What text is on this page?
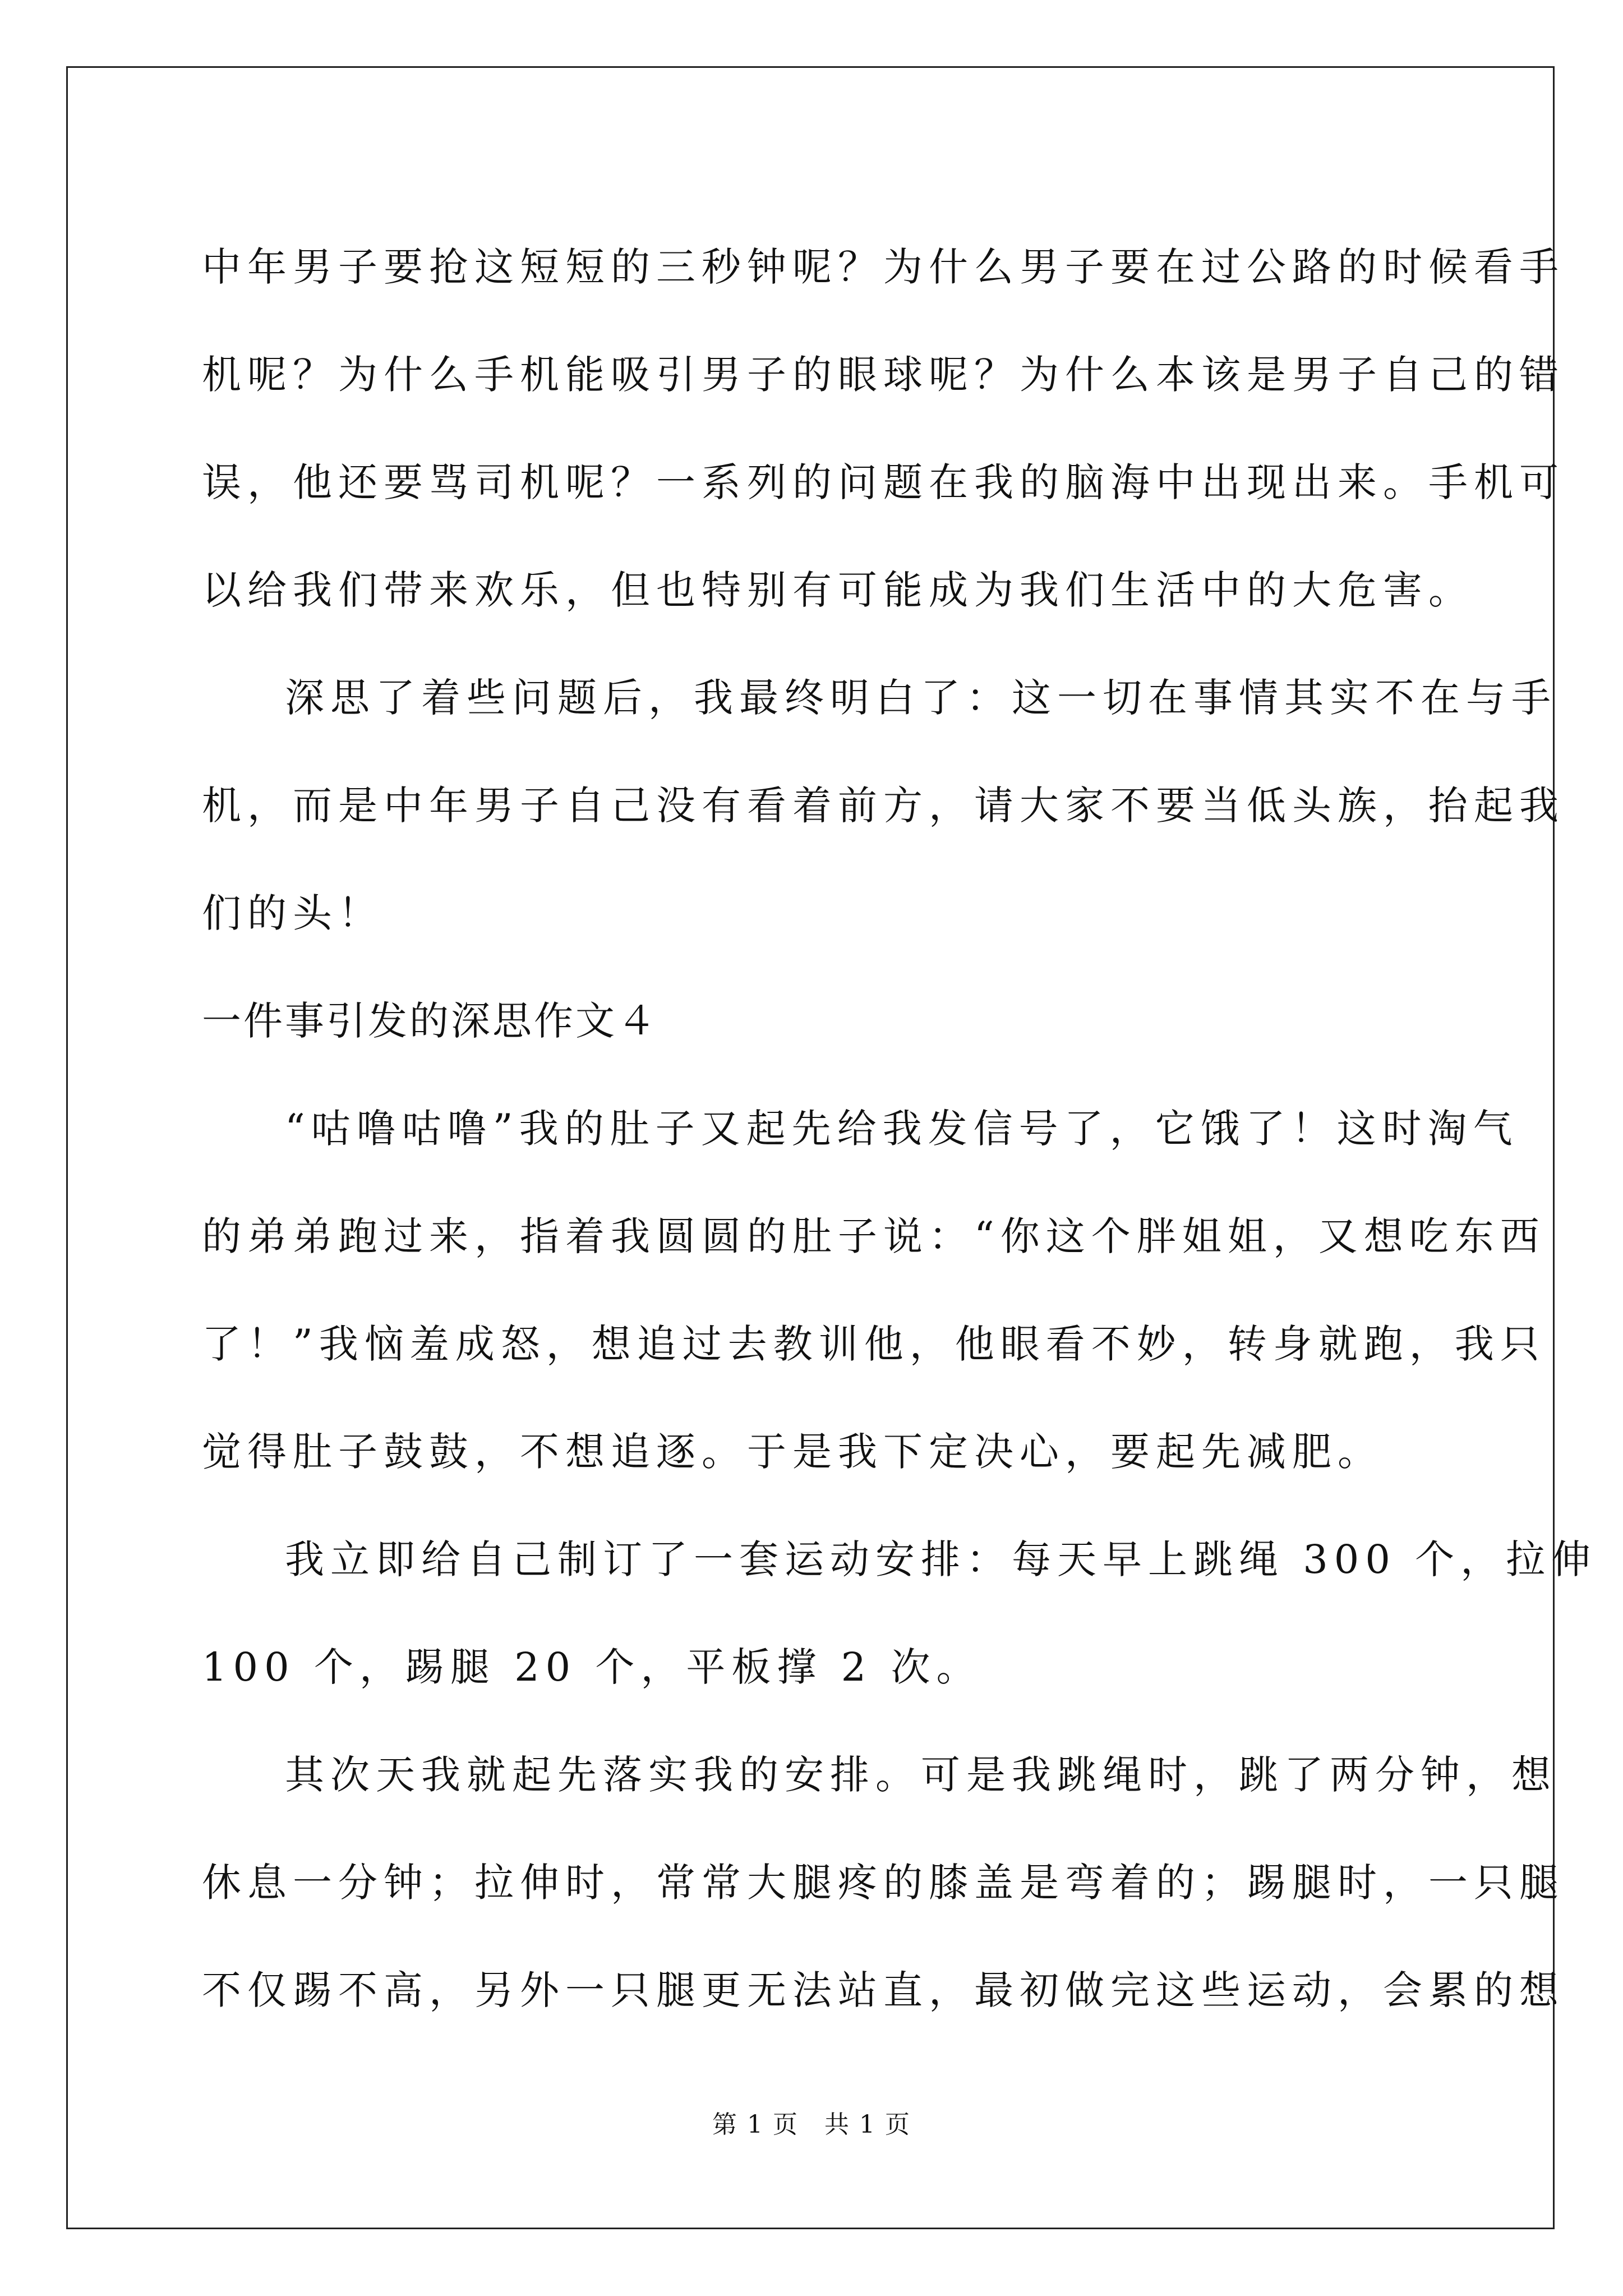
中年男子要抢这短短的三秒钟呢？为什么男子要在过公路的时候看手
机呢？为什么手机能吸引男子的眼球呢？为什么本该是男子自己的错
误，他还要骂司机呢？一系列的问题在我的脑海中出现出来。手机可
以给我们带来欢乐，但也特别有可能成为我们生活中的大危害。
深思了着些问题后，我最终明白了：这一切在事情其实不在与手
机，而是中年男子自己没有看着前方，请大家不要当低头族，抬起我
们的头！
一件事引发的深思作文４
“咕噜咕噜”我的肚子又起先给我发信号了，它饿了！这时淘气
的弟弟跑过来，指着我圆圆的肚子说：“你这个胖姐姐，又想吃东西
了！”我恼羞成怒，想追过去教训他，他眼看不妙，转身就跑，我只
觉得肚子鼓鼓，不想追逐。于是我下定决心，要起先减肥。
我立即给自己制订了一套运动安排：每天早上跳绳 300 个，拉伸
100 个，踢腿 20 个，平板撑 2 次。
其次天我就起先落实我的安排。可是我跳绳时，跳了两分钟，想
休息一分钟；拉伸时，常常大腿疼的膝盖是弯着的；踢腿时，一只腿
不仅踢不高，另外一只腿更无法站直，最初做完这些运动，会累的想
第 1 页　共 1 页
